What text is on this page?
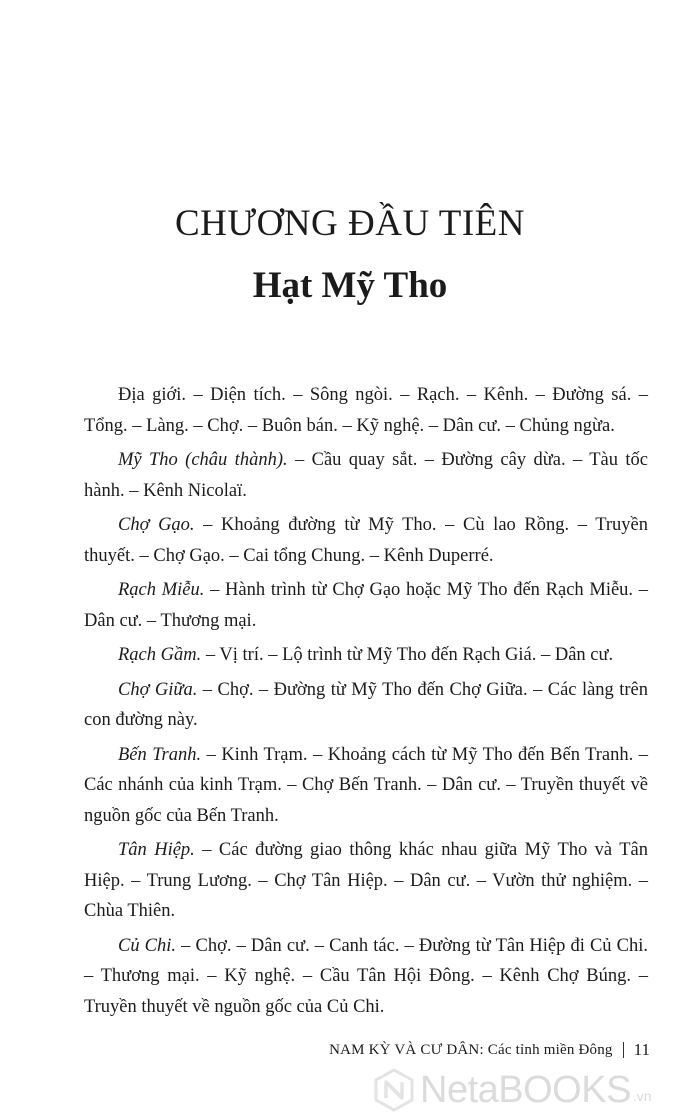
CHƯƠNG ĐẦU TIÊN
Hạt Mỹ Tho

Địa giới. – Diện tích. – Sông ngòi. – Rạch. – Kênh. – Đường sá. – Tổng. – Làng. – Chợ. – Buôn bán. – Kỹ nghệ. – Dân cư. – Chủng ngừa.

Mỹ Tho (châu thành). – Cầu quay sắt. – Đường cây dừa. – Tàu tốc hành. – Kênh Nicolaï.

Chợ Gạo. – Khoảng đường từ Mỹ Tho. – Cù lao Rồng. – Truyền thuyết. – Chợ Gạo. – Cai tổng Chung. – Kênh Duperré.

Rạch Miễu. – Hành trình từ Chợ Gạo hoặc Mỹ Tho đến Rạch Miễu. – Dân cư. – Thương mại.

Rạch Gầm. – Vị trí. – Lộ trình từ Mỹ Tho đến Rạch Giá. – Dân cư.

Chợ Giữa. – Chợ. – Đường từ Mỹ Tho đến Chợ Giữa. – Các làng trên con đường này.

Bến Tranh. – Kinh Trạm. – Khoảng cách từ Mỹ Tho đến Bến Tranh. – Các nhánh của kinh Trạm. – Chợ Bến Tranh. – Dân cư. – Truyền thuyết về nguồn gốc của Bến Tranh.

Tân Hiệp. – Các đường giao thông khác nhau giữa Mỹ Tho và Tân Hiệp. – Trung Lương. – Chợ Tân Hiệp. – Dân cư. – Vườn thử nghiệm. – Chùa Thiên.

Củ Chi. – Chợ. – Dân cư. – Canh tác. – Đường từ Tân Hiệp đi Củ Chi. – Thương mại. – Kỹ nghệ. – Cầu Tân Hội Đông. – Kênh Chợ Búng. – Truyền thuyết về nguồn gốc của Củ Chi.

NAM KỲ VÀ CƯ DÂN: Các tỉnh miền Đông 11
NetaBOOKS .vn
